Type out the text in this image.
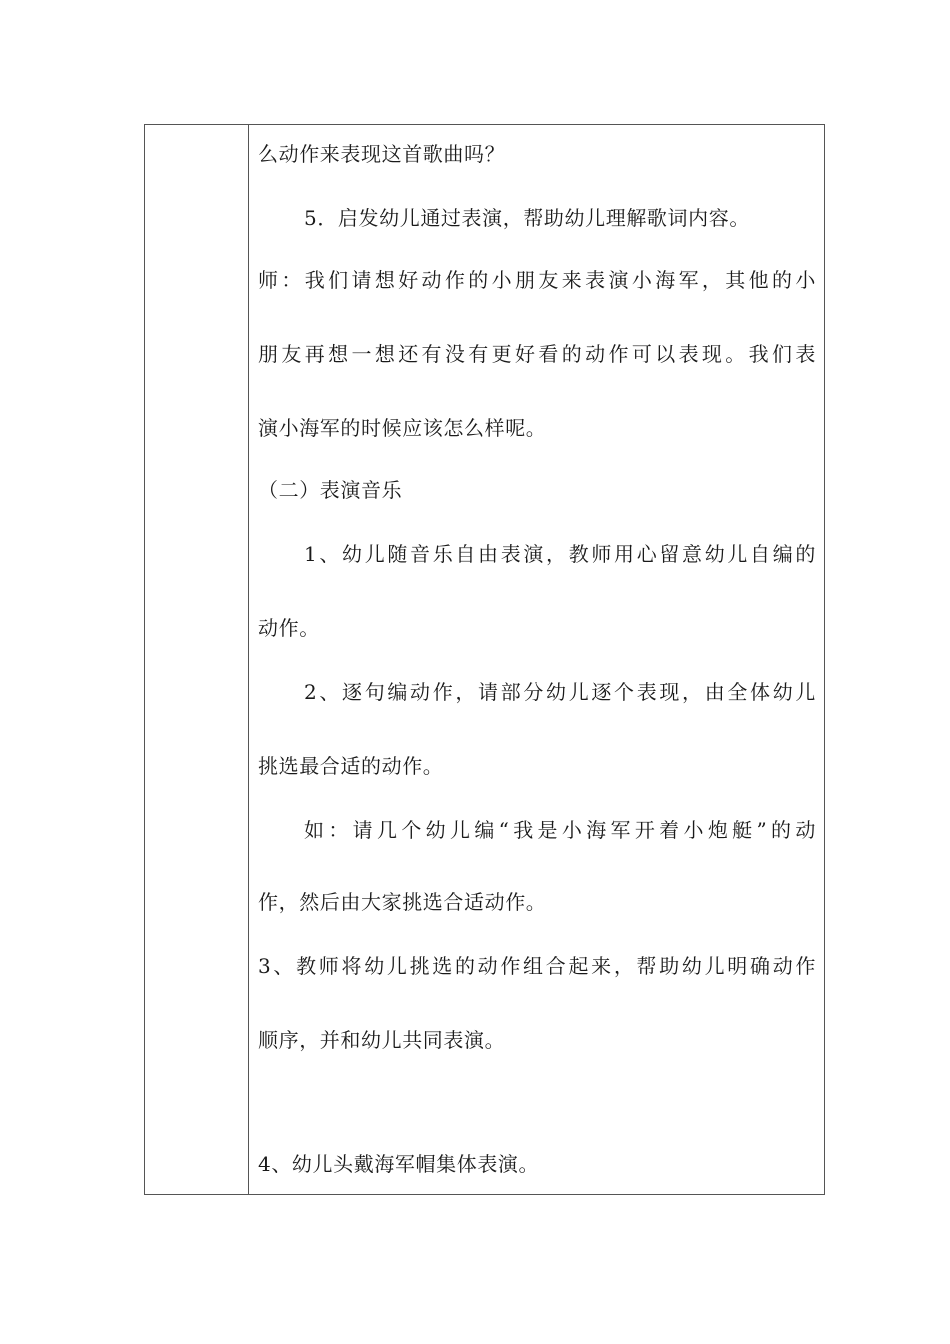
么动作来表现这首歌曲吗？
5．启发幼儿通过表演，帮助幼儿理解歌词内容。
师：我们请想好动作的小朋友来表演小海军，其他的小
朋友再想一想还有没有更好看的动作可以表现。我们表
演小海军的时候应该怎么样呢。
（二）表演音乐
1、幼儿随音乐自由表演，教师用心留意幼儿自编的
动作。
2、逐句编动作，请部分幼儿逐个表现，由全体幼儿
挑选最合适的动作。
如：请几个幼儿编“我是小海军开着小炮艇”的动
作，然后由大家挑选合适动作。
3、教师将幼儿挑选的动作组合起来，帮助幼儿明确动作
顺序，并和幼儿共同表演。
4、幼儿头戴海军帽集体表演。
